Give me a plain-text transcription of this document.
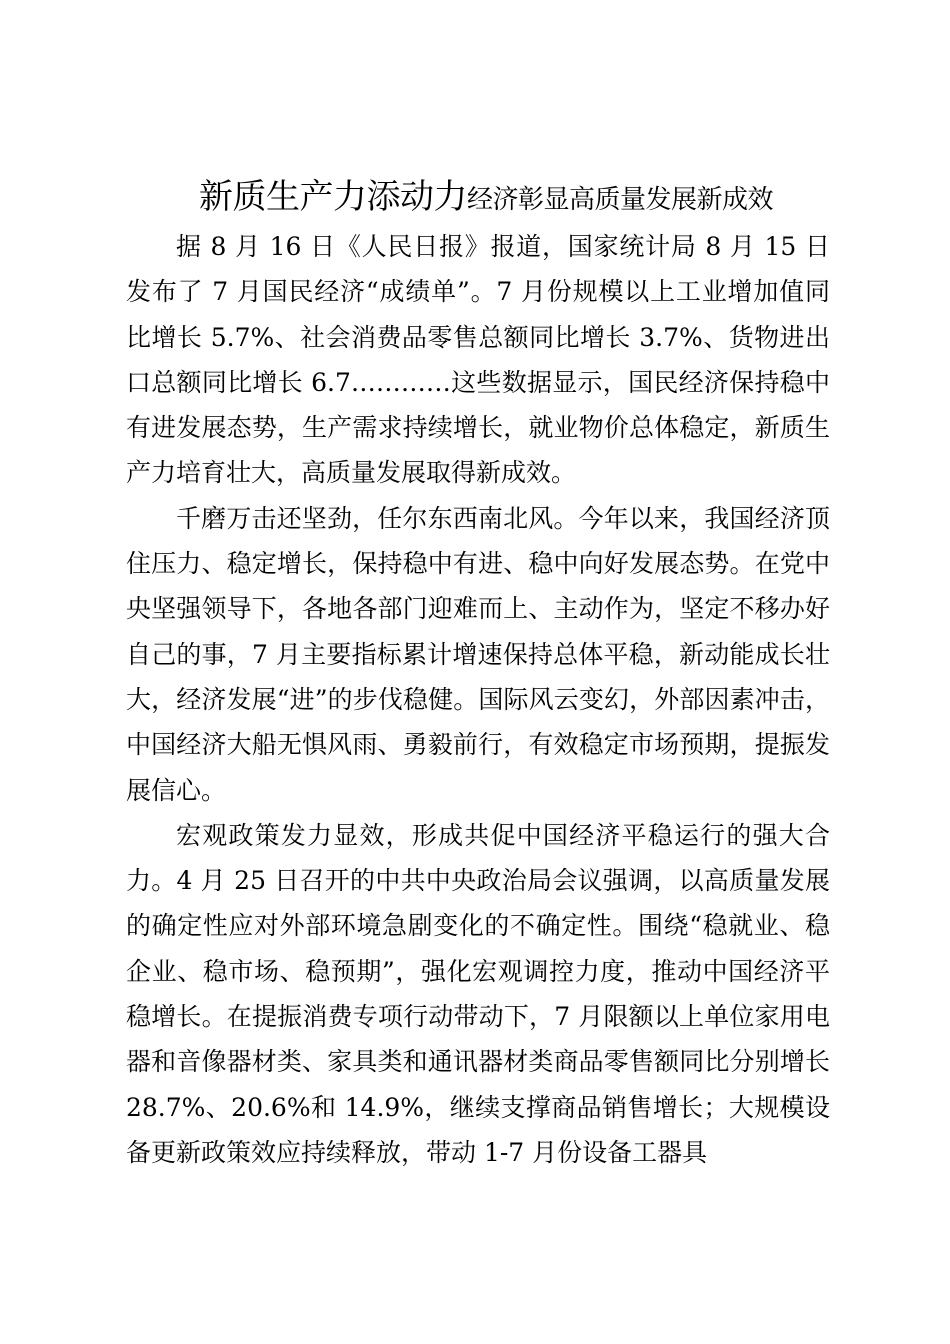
新质生产力添动力经济彰显高质量发展新成效

据 8 月 16 日《人民日报》报道，国家统计局 8 月 15 日发布了 7 月国民经济“成绩单”。7 月份规模以上工业增加值同比增长 5.7%、社会消费品零售总额同比增长 3.7%、货物进出口总额同比增长 6.7…………这些数据显示，国民经济保持稳中有进发展态势，生产需求持续增长，就业物价总体稳定，新质生产力培育壮大，高质量发展取得新成效。

千磨万击还坚劲，任尔东西南北风。今年以来，我国经济顶住压力、稳定增长，保持稳中有进、稳中向好发展态势。在党中央坚强领导下，各地各部门迎难而上、主动作为，坚定不移办好自己的事，7 月主要指标累计增速保持总体平稳，新动能成长壮大，经济发展“进”的步伐稳健。国际风云变幻，外部因素冲击，中国经济大船无惧风雨、勇毅前行，有效稳定市场预期，提振发展信心。

宏观政策发力显效，形成共促中国经济平稳运行的强大合力。4 月 25 日召开的中共中央政治局会议强调，以高质量发展的确定性应对外部环境急剧变化的不确定性。围绕“稳就业、稳企业、稳市场、稳预期”，强化宏观调控力度，推动中国经济平稳增长。在提振消费专项行动带动下，7 月限额以上单位家用电器和音像器材类、家具类和通讯器材类商品零售额同比分别增长 28.7%、20.6%和 14.9%，继续支撑商品销售增长；大规模设备更新政策效应持续释放，带动 1-7 月份设备工器具
